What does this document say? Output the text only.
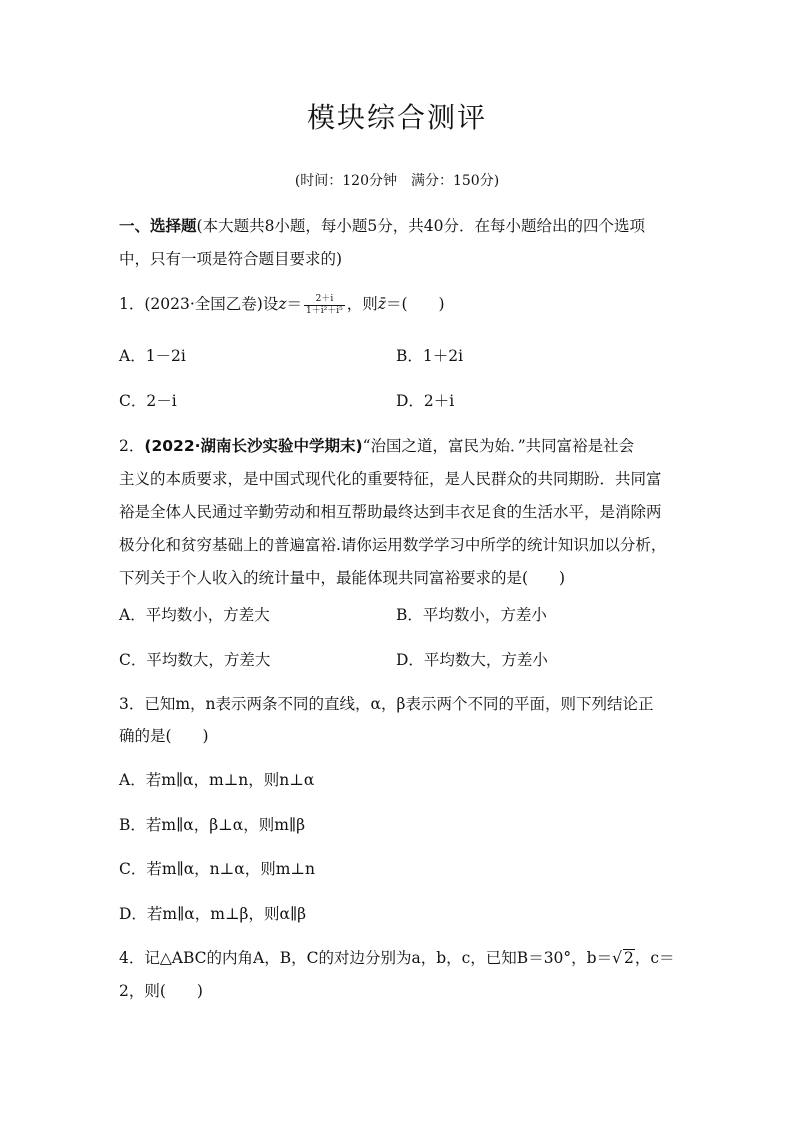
模块综合测评
(时间：120分钟　满分：150分)
一、选择题(本大题共8小题，每小题5分，共40分．在每小题给出的四个选项
中，只有一项是符合题目要求的)
1．(2023·全国乙卷)设$z= \frac{2+i}{\text{1＋i²＋i⁵}}$ ，则z̄＝(　　)
A．1－2i	B．1＋2i
C．2－i	D．2＋i
2．(2022·湖南长沙实验中学期末)“治国之道，富民为始．”共同富裕是社会
主义的本质要求，是中国式现代化的重要特征，是人民群众的共同期盼．共同富
裕是全体人民通过辛勤劳动和相互帮助最终达到丰衣足食的生活水平，是消除两
极分化和贫穷基础上的普遍富裕.请你运用数学学习中所学的统计知识加以分析，
下列关于个人收入的统计量中，最能体现共同富裕要求的是(　　)
A．平均数小，方差大	B．平均数小，方差小
C．平均数大，方差大	D．平均数大，方差小
3．已知m，n表示两条不同的直线，α，β表示两个不同的平面，则下列结论正
确的是(　　)
A．若m∥α，m⊥n，则n⊥α
B．若m∥α，β⊥α，则m∥β
C．若m∥α，n⊥α，则m⊥n
D．若m∥α，m⊥β，则α∥β
4．记△ABC的内角A，B，C的对边分别为a，b，c，已知B＝30°，b＝√ 2，c＝
2，则(　　)
